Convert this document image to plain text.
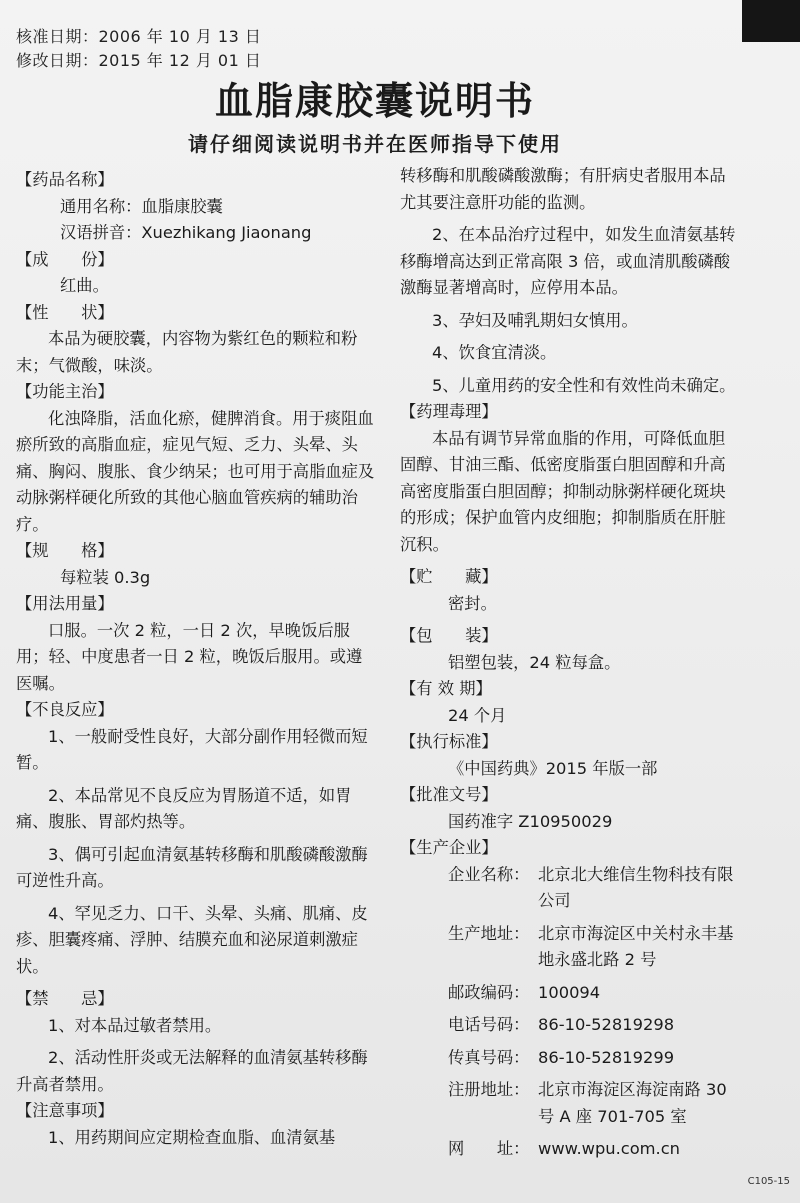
核准日期：2006 年 10 月 13 日
修改日期：2015 年 12 月 01 日
血脂康胶囊说明书
请仔细阅读说明书并在医师指导下使用

【药品名称】

通用名称：血脂康胶囊

汉语拼音：Xuezhikang Jiaonang

【成　　份】

红曲。

【性　　状】

本品为硬胶囊，内容物为紫红色的颗粒和粉末；气微酸，味淡。

【功能主治】

化浊降脂，活血化瘀，健脾消食。用于痰阻血瘀所致的高脂血症，症见气短、乏力、头晕、头痛、胸闷、腹胀、食少纳呆；也可用于高脂血症及动脉粥样硬化所致的其他心脑血管疾病的辅助治疗。

【规　　格】

每粒装 0.3g

【用法用量】

口服。一次 2 粒，一日 2 次，早晚饭后服用；轻、中度患者一日 2 粒，晚饭后服用。或遵医嘱。

【不良反应】

1、一般耐受性良好，大部分副作用轻微而短暂。

2、本品常见不良反应为胃肠道不适，如胃痛、腹胀、胃部灼热等。

3、偶可引起血清氨基转移酶和肌酸磷酸激酶可逆性升高。

4、罕见乏力、口干、头晕、头痛、肌痛、皮疹、胆囊疼痛、浮肿、结膜充血和泌尿道刺激症状。

【禁　　忌】

1、对本品过敏者禁用。

2、活动性肝炎或无法解释的血清氨基转移酶升高者禁用。

【注意事项】

1、用药期间应定期检查血脂、血清氨基

转移酶和肌酸磷酸激酶；有肝病史者服用本品尤其要注意肝功能的监测。

2、在本品治疗过程中，如发生血清氨基转移酶增高达到正常高限 3 倍，或血清肌酸磷酸激酶显著增高时，应停用本品。

3、孕妇及哺乳期妇女慎用。

4、饮食宜清淡。

5、儿童用药的安全性和有效性尚未确定。

【药理毒理】

本品有调节异常血脂的作用，可降低血胆固醇、甘油三酯、低密度脂蛋白胆固醇和升高高密度脂蛋白胆固醇；抑制动脉粥样硬化斑块的形成；保护血管内皮细胞；抑制脂质在肝脏沉积。

【贮　　藏】

密封。

【包　　装】

铝塑包装，24 粒每盒。

【有 效 期】

24 个月

【执行标准】

《中国药典》2015 年版一部

【批准文号】

国药准字 Z10950029

【生产企业】

企业名称： 北京北大维信生物科技有限公司
生产地址： 北京市海淀区中关村永丰基地永盛北路 2 号
邮政编码： 100094
电话号码： 86-10-52819298
传真号码： 86-10-52819299
注册地址： 北京市海淀区海淀南路 30 号 A 座 701-705 室
网　　址： www.wpu.com.cn
C105-15
